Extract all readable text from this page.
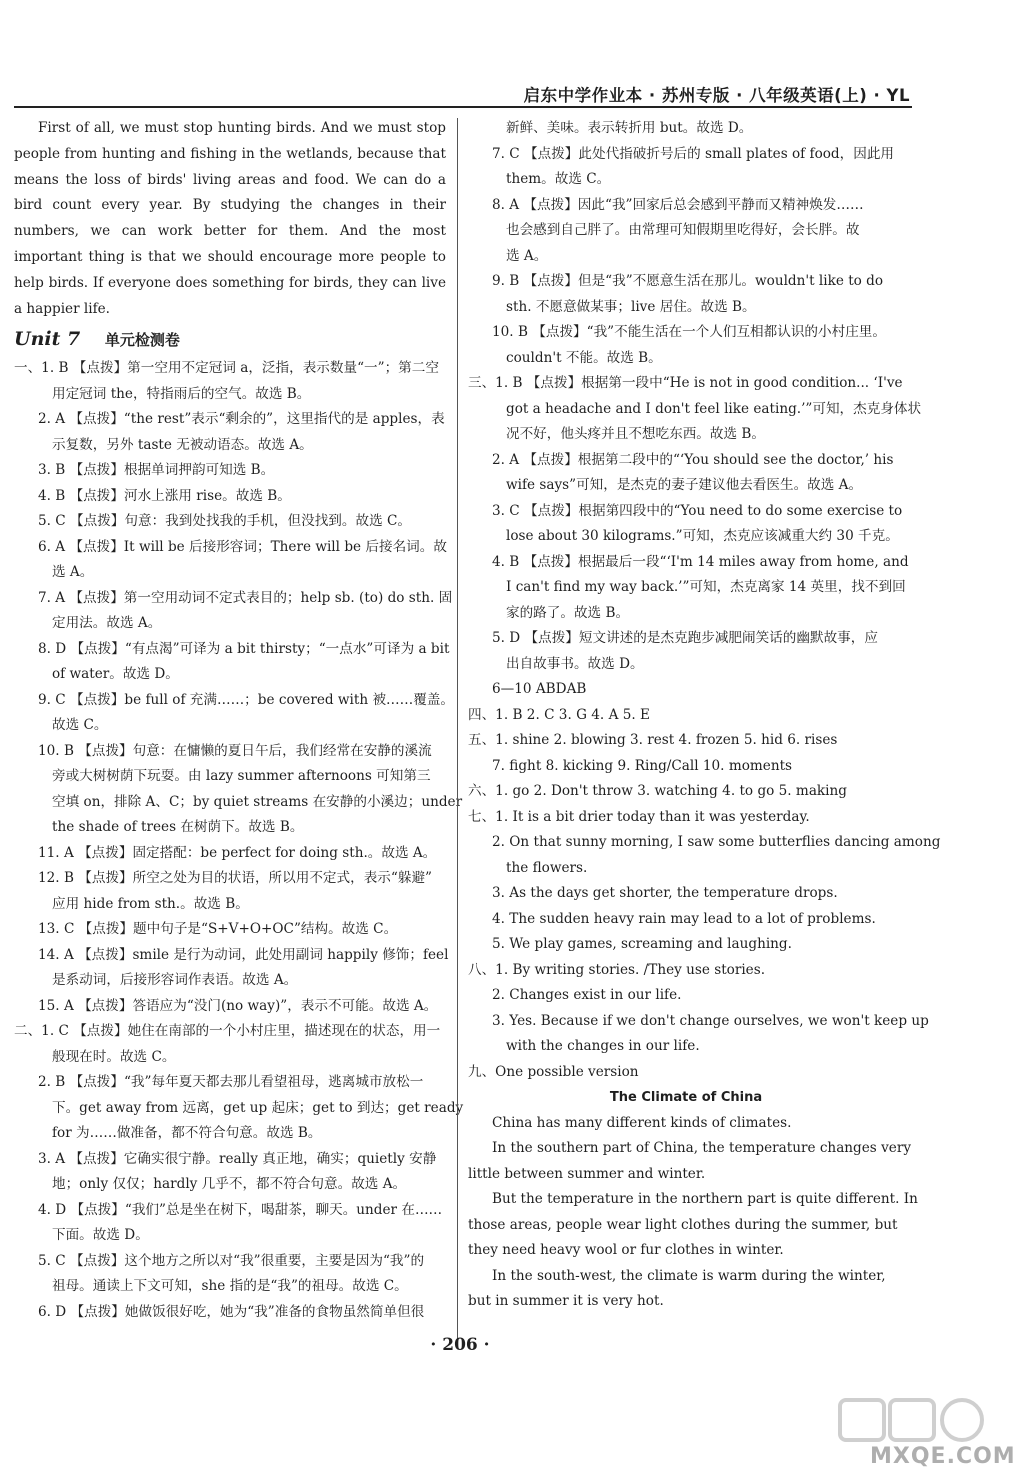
启东中学作业本 · 苏州专版 · 八年级英语(上) · YL

First of all, we must stop hunting birds. And we must stop people from hunting and fishing in the wetlands, because that means the loss of birds' living areas and food. We can do a bird count every year. By studying the changes in their numbers, we can work better for them. And the most important thing is that we should encourage more people to help birds. If everyone does something for birds, they can live a happier life.

Unit 7 单元检测卷
一、1. B 【点拨】第一空用不定冠词 a，泛指，表示数量“一”；第二空
用定冠词 the，特指雨后的空气。故选 B。
2. A 【点拨】“the rest”表示“剩余的”，这里指代的是 apples，表
示复数，另外 taste 无被动语态。故选 A。
3. B 【点拨】根据单词押韵可知选 B。
4. B 【点拨】河水上涨用 rise。故选 B。
5. C 【点拨】句意：我到处找我的手机，但没找到。故选 C。
6. A 【点拨】It will be 后接形容词；There will be 后接名词。故
选 A。
7. A 【点拨】第一空用动词不定式表目的；help sb. (to) do sth. 固
定用法。故选 A。
8. D 【点拨】“有点渴”可译为 a bit thirsty；“一点水”可译为 a bit
of water。故选 D。
9. C 【点拨】be full of 充满……；be covered with 被……覆盖。
故选 C。
10. B 【点拨】句意：在慵懒的夏日午后，我们经常在安静的溪流
旁或大树树荫下玩耍。由 lazy summer afternoons 可知第三
空填 on，排除 A、C；by quiet streams 在安静的小溪边；under
the shade of trees 在树荫下。故选 B。
11. A 【点拨】固定搭配：be perfect for doing sth.。故选 A。
12. B 【点拨】所空之处为目的状语，所以用不定式，表示“躲避”
应用 hide from sth.。故选 B。
13. C 【点拨】题中句子是“S+V+O+OC”结构。故选 C。
14. A 【点拨】smile 是行为动词，此处用副词 happily 修饰；feel
是系动词，后接形容词作表语。故选 A。
15. A 【点拨】答语应为“没门(no way)”，表示不可能。故选 A。
二、1. C 【点拨】她住在南部的一个小村庄里，描述现在的状态，用一
般现在时。故选 C。
2. B 【点拨】“我”每年夏天都去那儿看望祖母，逃离城市放松一
下。get away from 远离，get up 起床；get to 到达；get ready
for 为……做准备，都不符合句意。故选 B。
3. A 【点拨】它确实很宁静。really 真正地，确实；quietly 安静
地；only 仅仅；hardly 几乎不，都不符合句意。故选 A。
4. D 【点拨】“我们”总是坐在树下，喝甜茶，聊天。under 在……
下面。故选 D。
5. C 【点拨】这个地方之所以对“我”很重要，主要是因为“我”的
祖母。通读上下文可知，she 指的是“我”的祖母。故选 C。
6. D 【点拨】她做饭很好吃，她为“我”准备的食物虽然简单但很
新鲜、美味。表示转折用 but。故选 D。
7. C 【点拨】此处代指破折号后的 small plates of food，因此用
them。故选 C。
8. A 【点拨】因此“我”回家后总会感到平静而又精神焕发……
也会感到自己胖了。由常理可知假期里吃得好，会长胖。故
选 A。
9. B 【点拨】但是“我”不愿意生活在那儿。wouldn't like to do
sth. 不愿意做某事；live 居住。故选 B。
10. B 【点拨】“我”不能生活在一个人们互相都认识的小村庄里。
couldn't 不能。故选 B。
三、1. B 【点拨】根据第一段中“He is not in good condition... ‘I've
got a headache and I don't feel like eating.’”可知，杰克身体状
况不好，他头疼并且不想吃东西。故选 B。
2. A 【点拨】根据第二段中的“‘You should see the doctor,’ his
wife says”可知，是杰克的妻子建议他去看医生。故选 A。
3. C 【点拨】根据第四段中的“You need to do some exercise to
lose about 30 kilograms.”可知，杰克应该减重大约 30 千克。
4. B 【点拨】根据最后一段“‘I'm 14 miles away from home, and
I can't find my way back.’”可知，杰克离家 14 英里，找不到回
家的路了。故选 B。
5. D 【点拨】短文讲述的是杰克跑步减肥闹笑话的幽默故事，应
出自故事书。故选 D。
6—10 ABDAB
四、1. B 2. C 3. G 4. A 5. E
五、1. shine 2. blowing 3. rest 4. frozen 5. hid 6. rises
7. fight 8. kicking 9. Ring/Call 10. moments
六、1. go 2. Don't throw 3. watching 4. to go 5. making
七、1. It is a bit drier today than it was yesterday.
2. On that sunny morning, I saw some butterflies dancing among
the flowers.
3. As the days get shorter, the temperature drops.
4. The sudden heavy rain may lead to a lot of problems.
5. We play games, screaming and laughing.
八、1. By writing stories. /They use stories.
2. Changes exist in our life.
3. Yes. Because if we don't change ourselves, we won't keep up
with the changes in our life.
九、One possible version
The Climate of China
China has many different kinds of climates.
In the southern part of China, the temperature changes very
little between summer and winter.
But the temperature in the northern part is quite different. In
those areas, people wear light clothes during the summer, but
they need heavy wool or fur clothes in winter.
In the south-west, the climate is warm during the winter,
but in summer it is very hot.
· 206 ·
MXQE.COM
